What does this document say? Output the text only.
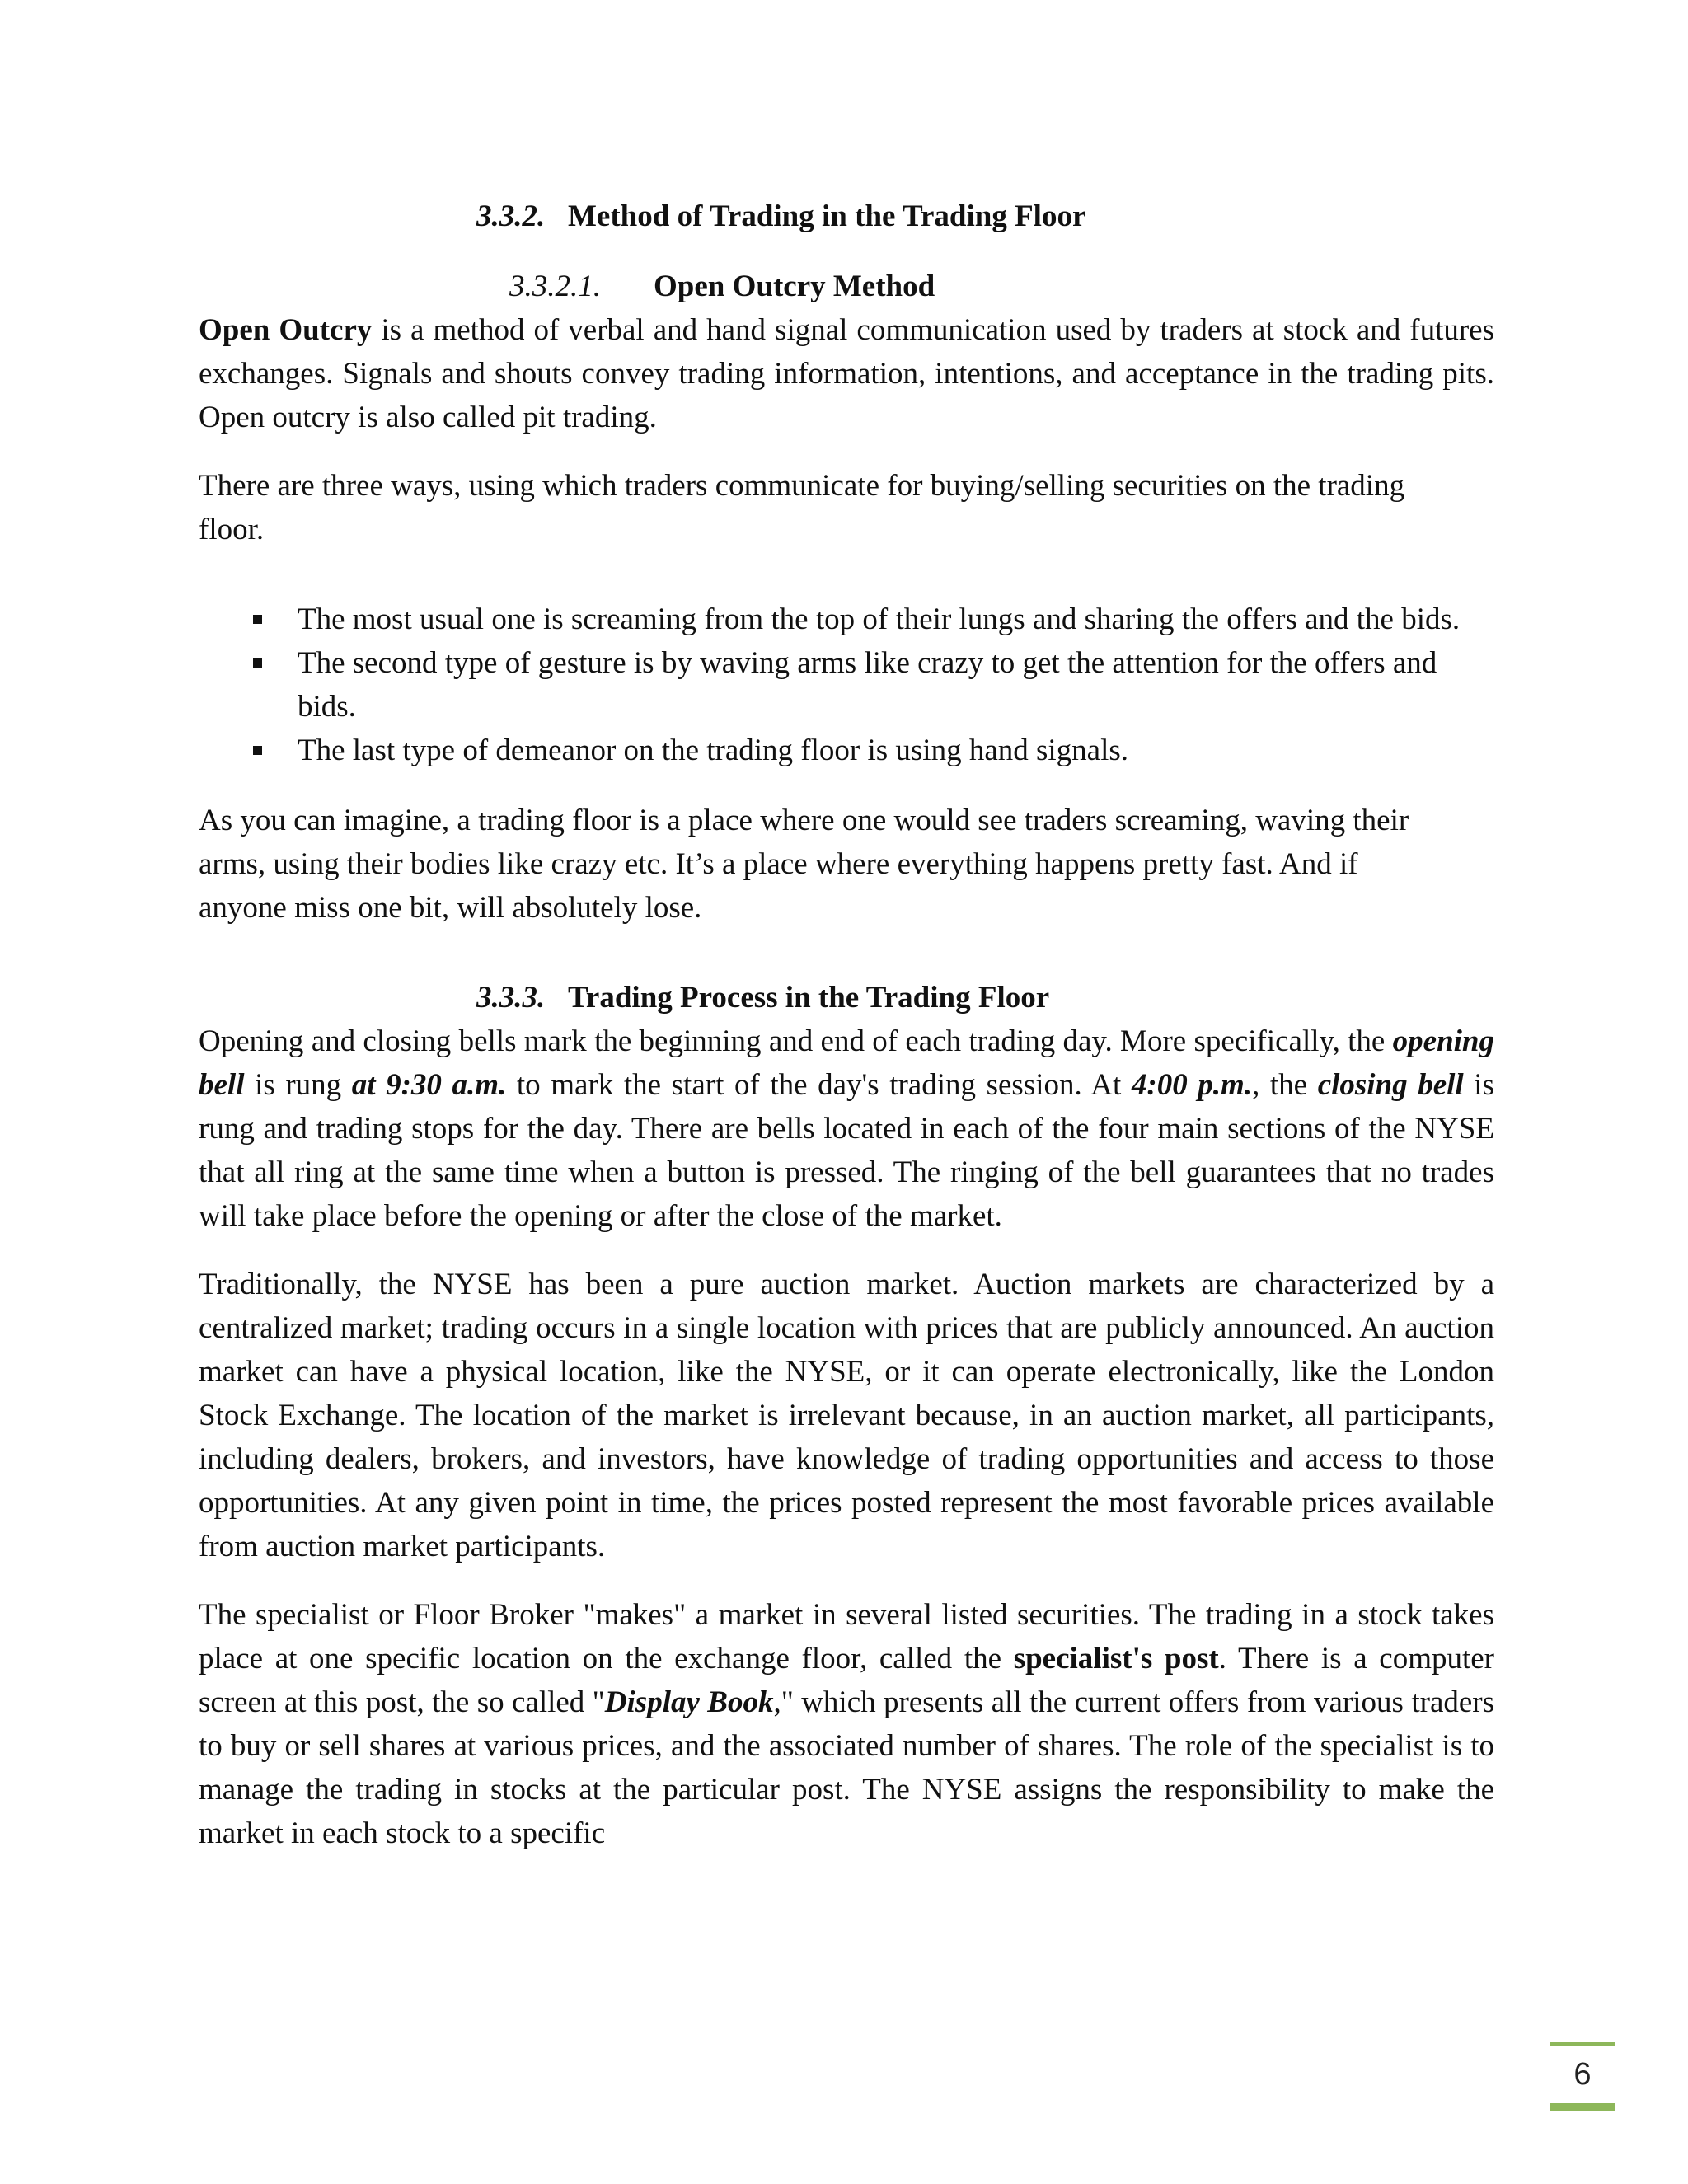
3.3.2. Method of Trading in the Trading Floor
3.3.2.1. Open Outcry Method

Open Outcry is a method of verbal and hand signal communication used by traders at stock and futures exchanges. Signals and shouts convey trading information, intentions, and acceptance in the trading pits. Open outcry is also called pit trading.

There are three ways, using which traders communicate for buying/selling securities on the trading floor.

The most usual one is screaming from the top of their lungs and sharing the offers and the bids.
The second type of gesture is by waving arms like crazy to get the attention for the offers and bids.
The last type of demeanor on the trading floor is using hand signals.

As you can imagine, a trading floor is a place where one would see traders screaming, waving their arms, using their bodies like crazy etc. It’s a place where everything happens pretty fast. And if anyone miss one bit, will absolutely lose.

3.3.3. Trading Process in the Trading Floor

Opening and closing bells mark the beginning and end of each trading day. More specifically, the opening bell is rung at 9:30 a.m. to mark the start of the day's trading session. At 4:00 p.m., the closing bell is rung and trading stops for the day. There are bells located in each of the four main sections of the NYSE that all ring at the same time when a button is pressed. The ringing of the bell guarantees that no trades will take place before the opening or after the close of the market.

Traditionally, the NYSE has been a pure auction market. Auction markets are characterized by a centralized market; trading occurs in a single location with prices that are publicly announced. An auction market can have a physical location, like the NYSE, or it can operate electronically, like the London Stock Exchange. The location of the market is irrelevant because, in an auction market, all participants, including dealers, brokers, and investors, have knowledge of trading opportunities and access to those opportunities. At any given point in time, the prices posted represent the most favorable prices available from auction market participants.

The specialist or Floor Broker "makes" a market in several listed securities. The trading in a stock takes place at one specific location on the exchange floor, called the specialist's post. There is a computer screen at this post, the so called "Display Book," which presents all the current offers from various traders to buy or sell shares at various prices, and the associated number of shares. The role of the specialist is to manage the trading in stocks at the particular post. The NYSE assigns the responsibility to make the market in each stock to a specific

6
